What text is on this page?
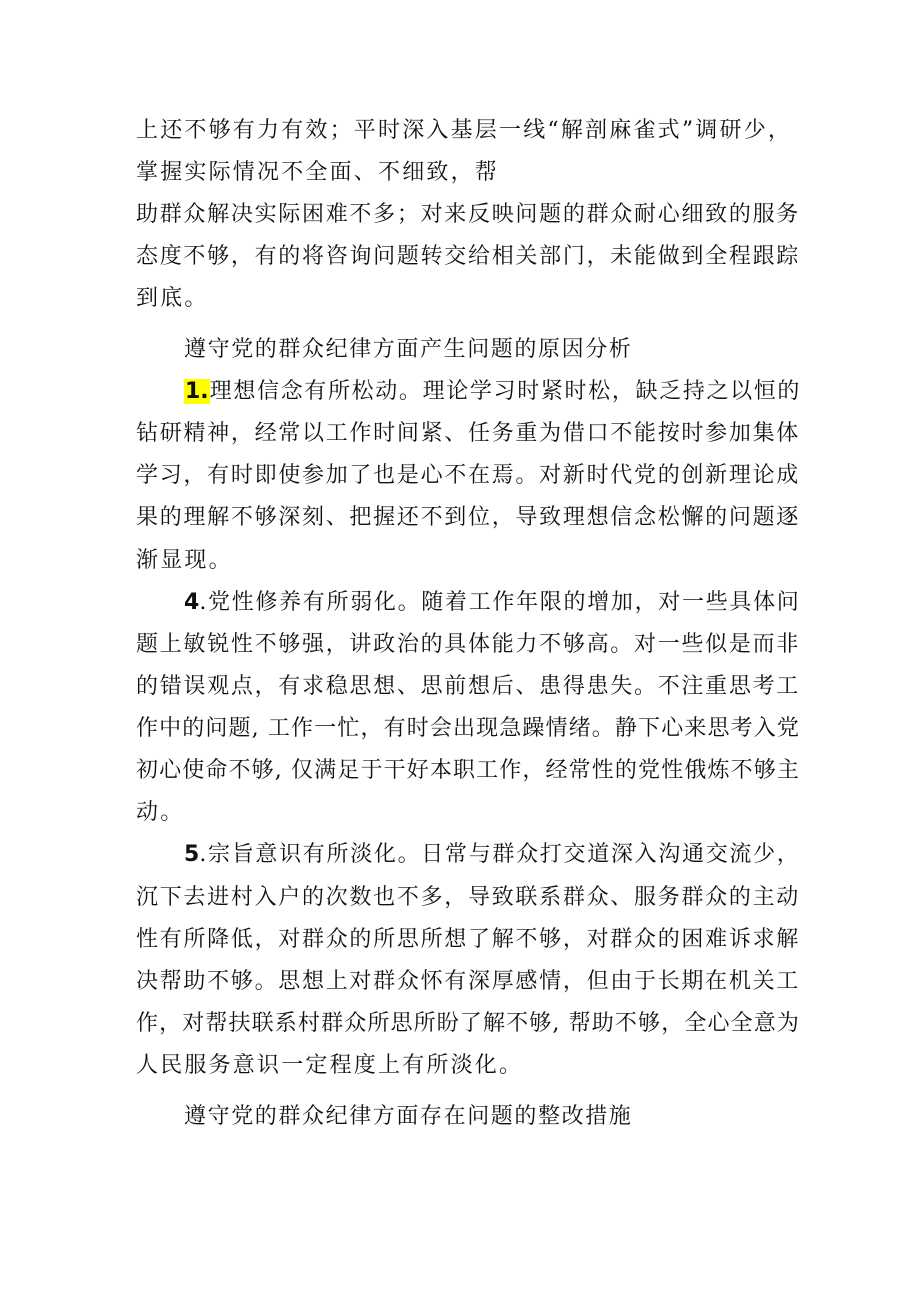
上还不够有力有效；平时深入基层一线“解剖麻雀式”调研少，
掌握实际情况不全面、不细致，帮
助群众解决实际困难不多；对来反映问题的群众耐心细致的服务
态度不够，有的将咨询问题转交给相关部门，未能做到全程跟踪
到底。
遵守党的群众纪律方面产生问题的原因分析
1.理想信念有所松动。理论学习时紧时松，缺乏持之以恒的
钻研精神，经常以工作时间紧、任务重为借口不能按时参加集体
学习，有时即使参加了也是心不在焉。对新时代党的创新理论成
果的理解不够深刻、把握还不到位，导致理想信念松懈的问题逐
渐显现。
4.党性修养有所弱化。随着工作年限的增加，对一些具体问
题上敏锐性不够强，讲政治的具体能力不够高。对一些似是而非
的错误观点，有求稳思想、思前想后、患得患失。不注重思考工
作中的问题, 工作一忙，有时会出现急躁情绪。静下心来思考入党
初心使命不够, 仅满足于干好本职工作，经常性的党性俄炼不够主
动。
5.宗旨意识有所淡化。日常与群众打交道深入沟通交流少，
沉下去进村入户的次数也不多，导致联系群众、服务群众的主动
性有所降低，对群众的所思所想了解不够，对群众的困难诉求解
决帮助不够。思想上对群众怀有深厚感情，但由于长期在机关工
作，对帮扶联系村群众所思所盼了解不够, 帮助不够，全心全意为
人民服务意识一定程度上有所淡化。
遵守党的群众纪律方面存在问题的整改措施
